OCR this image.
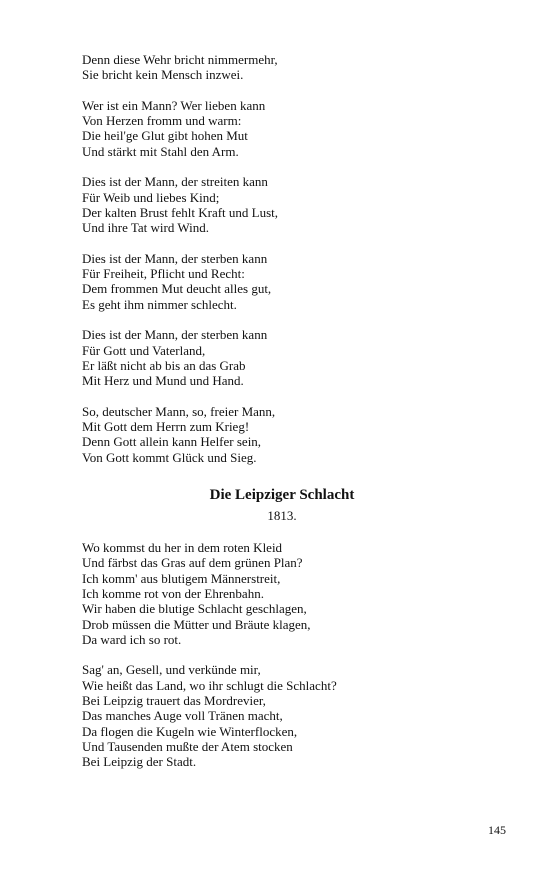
Denn diese Wehr bricht nimmermehr,
Sie bricht kein Mensch inzwei.
Wer ist ein Mann? Wer lieben kann
Von Herzen fromm und warm:
Die heil'ge Glut gibt hohen Mut
Und stärkt mit Stahl den Arm.
Dies ist der Mann, der streiten kann
Für Weib und liebes Kind;
Der kalten Brust fehlt Kraft und Lust,
Und ihre Tat wird Wind.
Dies ist der Mann, der sterben kann
Für Freiheit, Pflicht und Recht:
Dem frommen Mut deucht alles gut,
Es geht ihm nimmer schlecht.
Dies ist der Mann, der sterben kann
Für Gott und Vaterland,
Er läßt nicht ab bis an das Grab
Mit Herz und Mund und Hand.
So, deutscher Mann, so, freier Mann,
Mit Gott dem Herrn zum Krieg!
Denn Gott allein kann Helfer sein,
Von Gott kommt Glück und Sieg.
Die Leipziger Schlacht
1813.
Wo kommst du her in dem roten Kleid
Und färbst das Gras auf dem grünen Plan?
Ich komm' aus blutigem Männerstreit,
Ich komme rot von der Ehrenbahn.
Wir haben die blutige Schlacht geschlagen,
Drob müssen die Mütter und Bräute klagen,
Da ward ich so rot.
Sag' an, Gesell, und verkünde mir,
Wie heißt das Land, wo ihr schlugt die Schlacht?
Bei Leipzig trauert das Mordrevier,
Das manches Auge voll Tränen macht,
Da flogen die Kugeln wie Winterflocken,
Und Tausenden mußte der Atem stocken
Bei Leipzig der Stadt.
145
